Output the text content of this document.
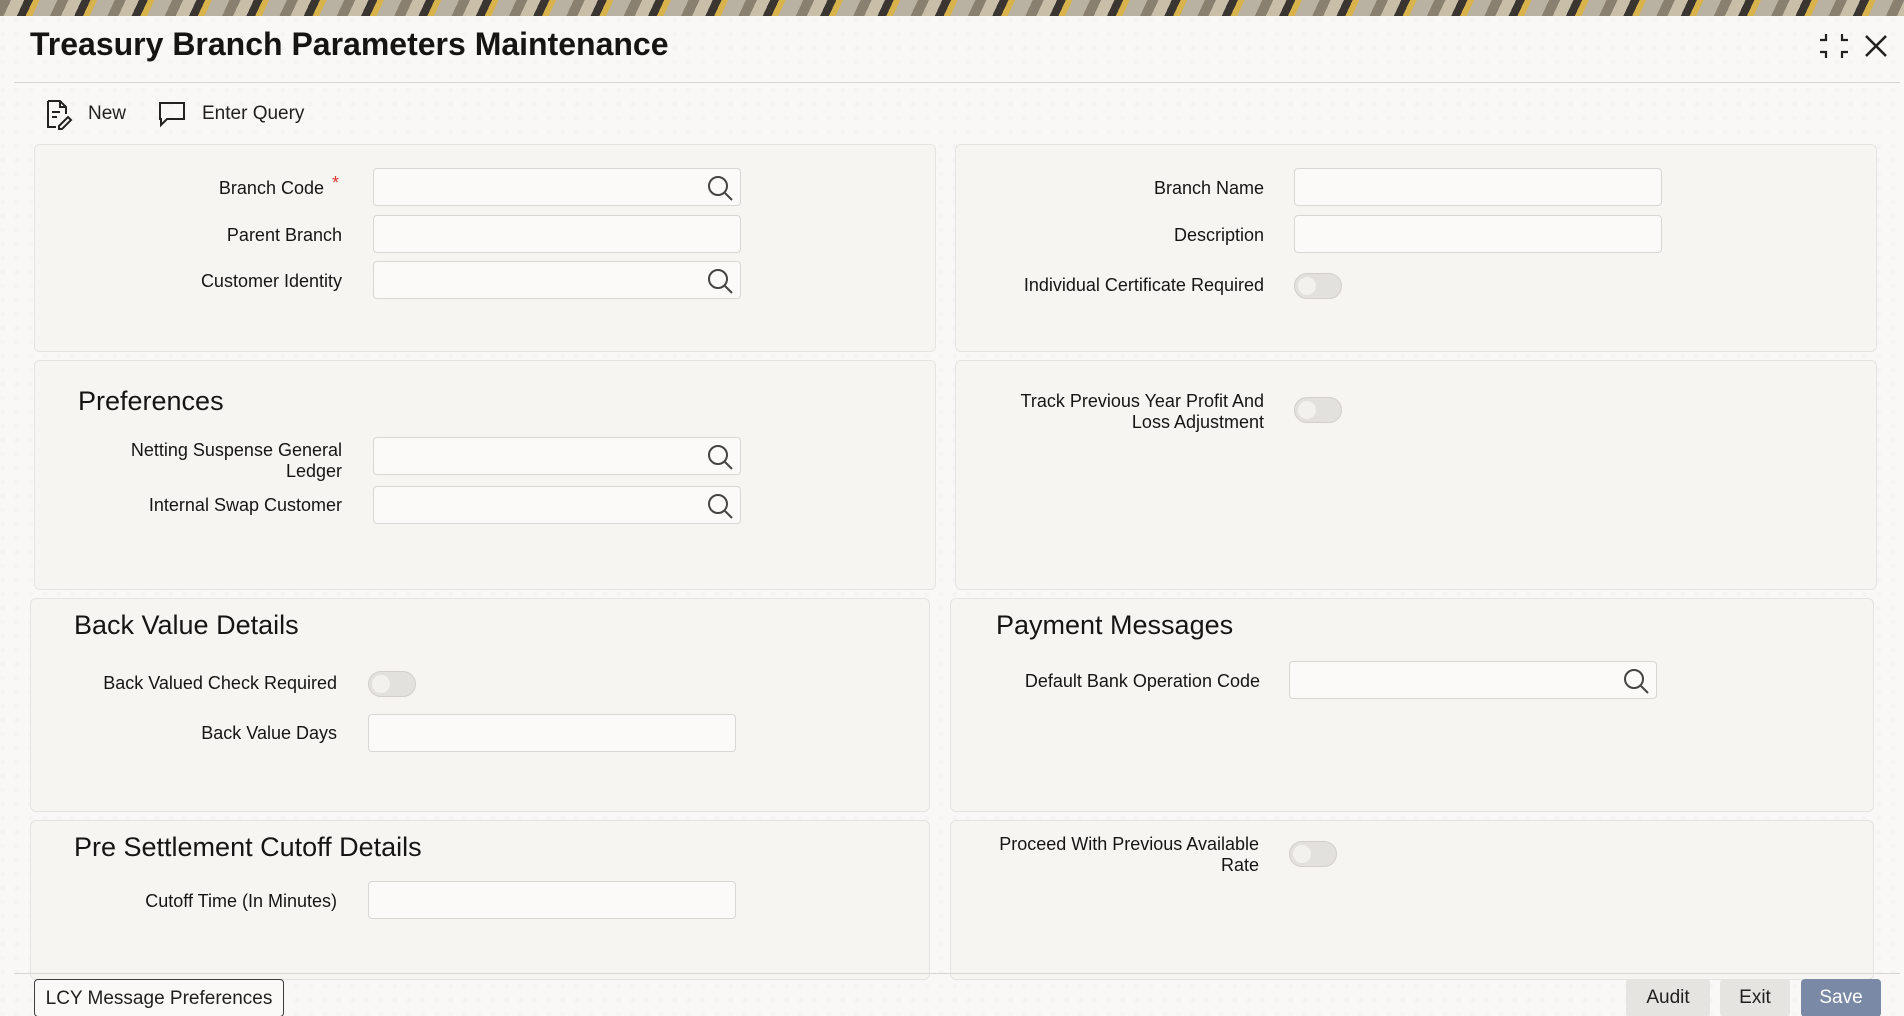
Treasury Branch Parameters Maintenance
New	Enter Query
Branch Code *
Parent Branch
Customer Identity
Branch Name
Description
Individual Certificate Required
Preferences
Netting Suspense General Ledger
Internal Swap Customer
Track Previous Year Profit And Loss Adjustment
Back Value Details
Back Valued Check Required
Back Value Days
Payment Messages
Default Bank Operation Code
Pre Settlement Cutoff Details
Cutoff Time (In Minutes)
Proceed With Previous Available Rate
LCY Message Preferences	Audit	Exit	Save
